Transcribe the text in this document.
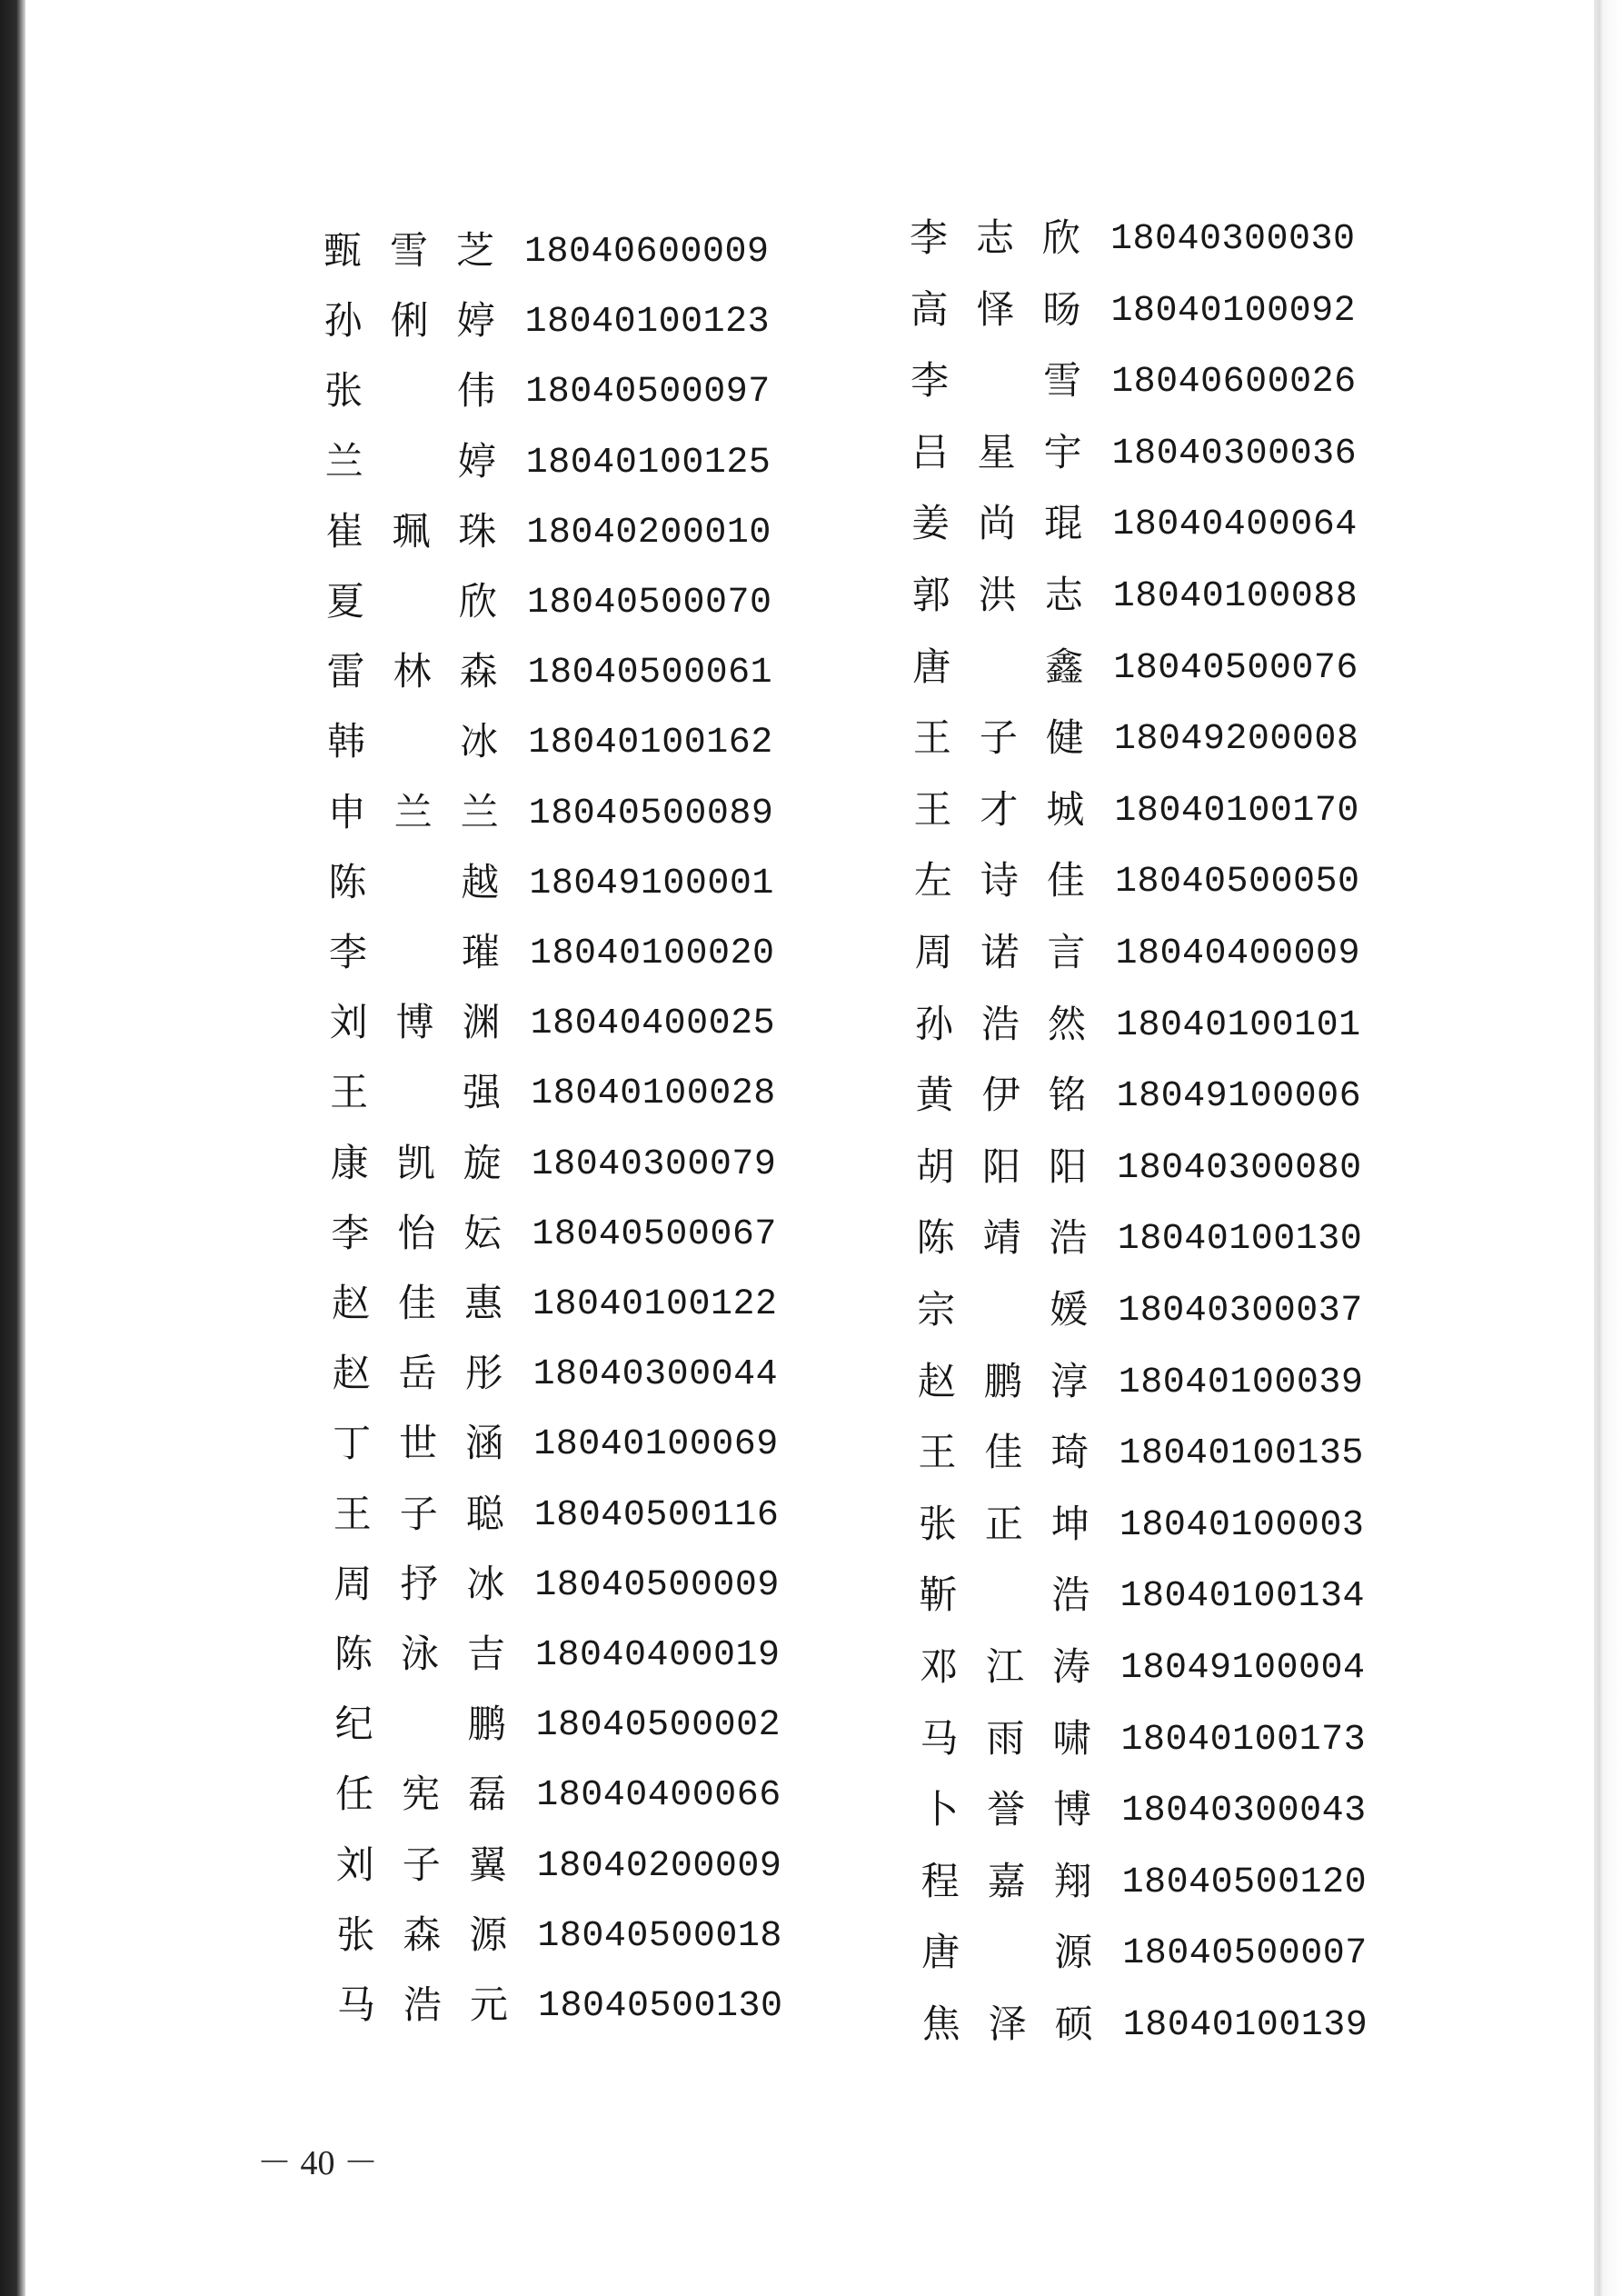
甄 雪 芝 18040600009
孙 俐 婷 18040100123
张 伟 18040500097
兰 婷 18040100125
崔 珮 珠 18040200010
夏 欣 18040500070
雷 林 森 18040500061
韩 冰 18040100162
申 兰 兰 18040500089
陈 越 18049100001
李 璀 18040100020
刘 博 渊 18040400025
王 强 18040100028
康 凯 旋 18040300079
李 怡 妘 18040500067
赵 佳 惠 18040100122
赵 岳 彤 18040300044
丁 世 涵 18040100069
王 子 聪 18040500116
周 抒 冰 18040500009
陈 泳 吉 18040400019
纪 鹏 18040500002
任 宪 磊 18040400066
刘 子 翼 18040200009
张 森 源 18040500018
马 浩 元 18040500130
李 志 欣 18040300030
高 怿 旸 18040100092
李 雪 18040600026
吕 星 宇 18040300036
姜 尚 琨 18040400064
郭 洪 志 18040100088
唐 鑫 18040500076
王 子 健 18049200008
王 才 城 18040100170
左 诗 佳 18040500050
周 诺 言 18040400009
孙 浩 然 18040100101
黄 伊 铭 18049100006
胡 阳 阳 18040300080
陈 靖 浩 18040100130
宗 媛 18040300037
赵 鹏 淳 18040100039
王 佳 琦 18040100135
张 正 坤 18040100003
靳 浩 18040100134
邓 江 涛 18049100004
马 雨 啸 18040100173
卜 誉 博 18040300043
程 嘉 翔 18040500120
唐 源 18040500007
焦 泽 硕 18040100139
－ 40 －
